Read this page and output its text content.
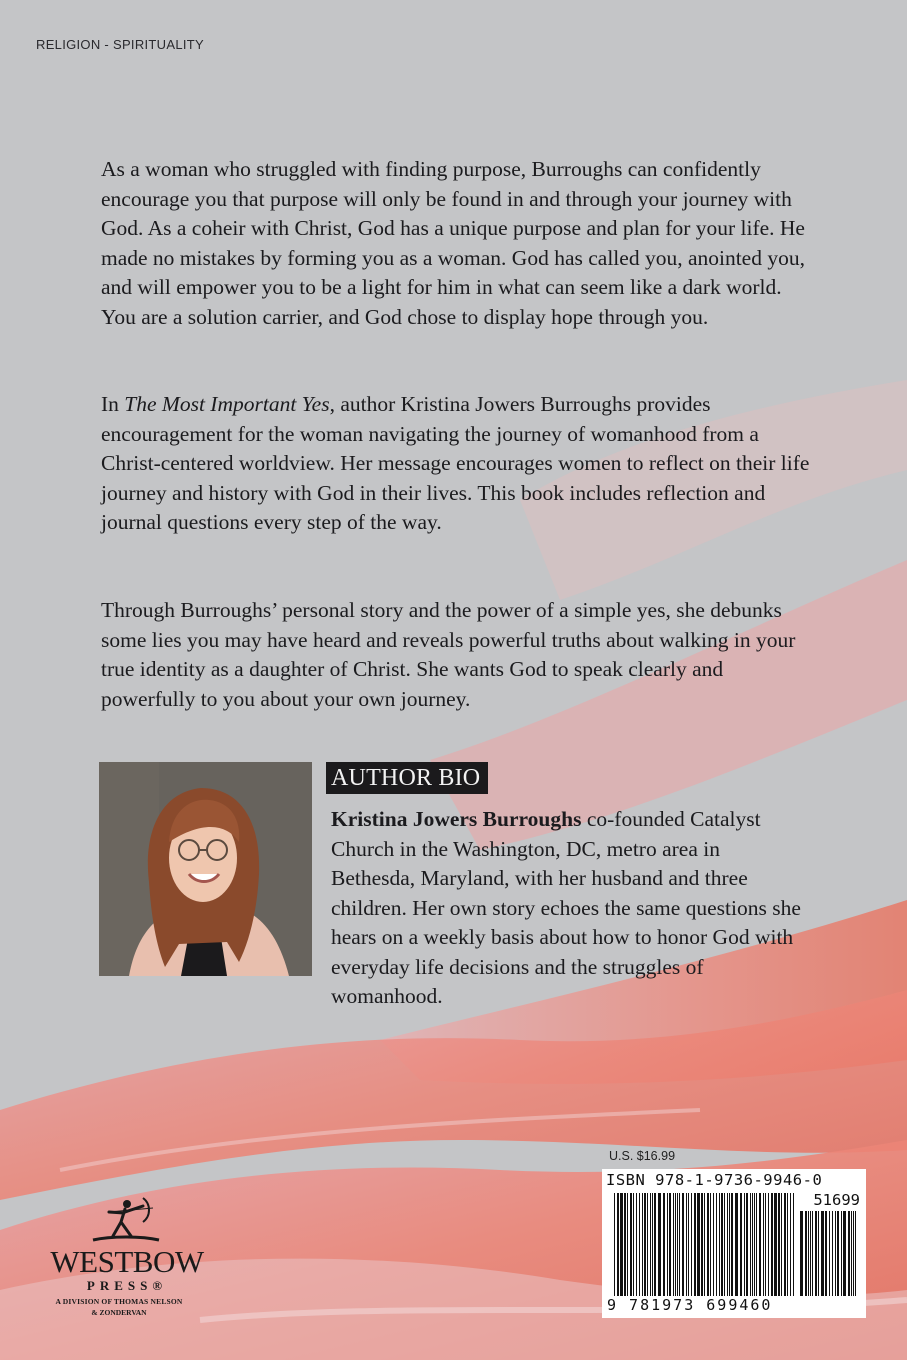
RELIGION - SPIRITUALITY

As a woman who struggled with finding purpose, Burroughs can confidently encourage you that purpose will only be found in and through your journey with God. As a coheir with Christ, God has a unique purpose and plan for your life. He made no mistakes by forming you as a woman. God has called you, anointed you, and will empower you to be a light for him in what can seem like a dark world. You are a solution carrier, and God chose to display hope through you.

In The Most Important Yes, author Kristina Jowers Burroughs provides encouragement for the woman navigating the journey of womanhood from a Christ-centered worldview. Her message encourages women to reflect on their life journey and history with God in their lives. This book includes reflection and journal questions every step of the way.

Through Burroughs’ personal story and the power of a simple yes, she debunks some lies you may have heard and reveals powerful truths about walking in your true identity as a daughter of Christ. She wants God to speak clearly and powerfully to you about your own journey.

AUTHOR BIO

Kristina Jowers Burroughs co-founded Catalyst Church in the Washington, DC, metro area in Bethesda, Maryland, with her husband and three children. Her own story echoes the same questions she hears on a weekly basis about how to honor God with everyday life decisions and the struggles of womanhood.

U.S. $16.99
ISBN 978-1-9736-9946-0
51699
9 781973 699460
WESTBOW
PRESS®
A DIVISION OF THOMAS NELSON
& ZONDERVAN
